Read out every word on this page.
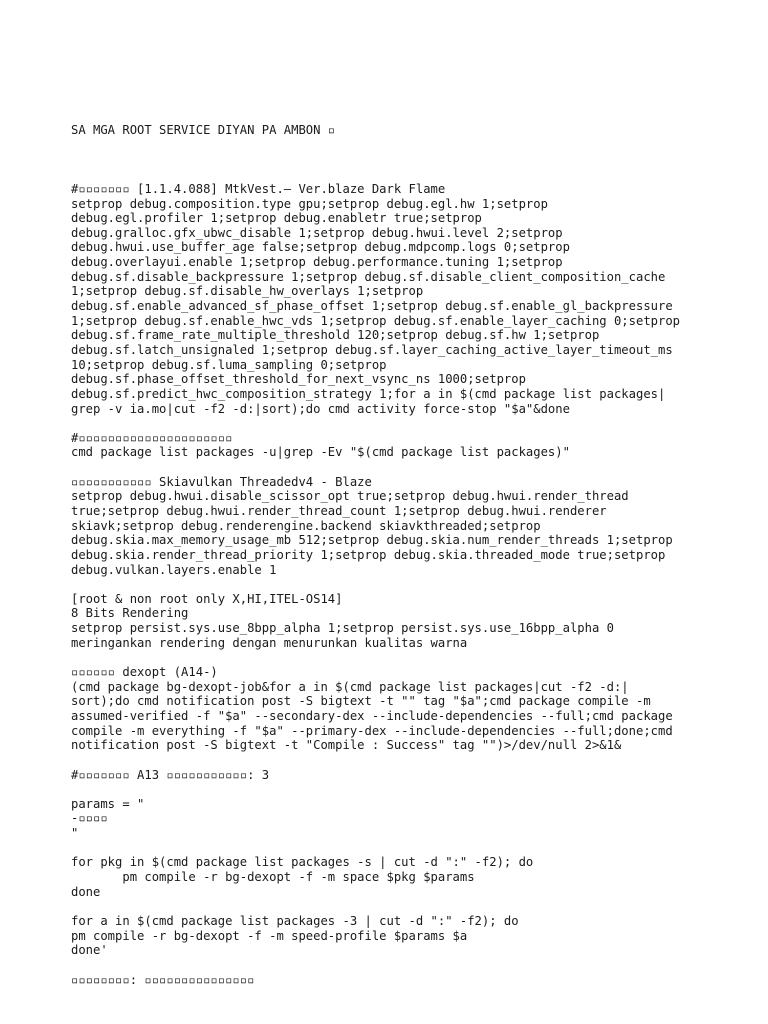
SA MGA ROOT SERVICE DIYAN PA AMBON ▫

#▫▫▫▫▫▫▫ [1.1.4.088] MtkVest.— Ver.blaze Dark Flame
setprop debug.composition.type gpu;setprop debug.egl.hw 1;setprop
debug.egl.profiler 1;setprop debug.enabletr true;setprop
debug.gralloc.gfx_ubwc_disable 1;setprop debug.hwui.level 2;setprop
debug.hwui.use_buffer_age false;setprop debug.mdpcomp.logs 0;setprop
debug.overlayui.enable 1;setprop debug.performance.tuning 1;setprop
debug.sf.disable_backpressure 1;setprop debug.sf.disable_client_composition_cache
1;setprop debug.sf.disable_hw_overlays 1;setprop
debug.sf.enable_advanced_sf_phase_offset 1;setprop debug.sf.enable_gl_backpressure
1;setprop debug.sf.enable_hwc_vds 1;setprop debug.sf.enable_layer_caching 0;setprop
debug.sf.frame_rate_multiple_threshold 120;setprop debug.sf.hw 1;setprop
debug.sf.latch_unsignaled 1;setprop debug.sf.layer_caching_active_layer_timeout_ms
10;setprop debug.sf.luma_sampling 0;setprop
debug.sf.phase_offset_threshold_for_next_vsync_ns 1000;setprop
debug.sf.predict_hwc_composition_strategy 1;for a in $(cmd package list packages|
grep -v ia.mo|cut -f2 -d:|sort);do cmd activity force-stop "$a"&done
#▫▫▫▫▫▫▫▫▫▫▫▫▫▫▫▫▫▫▫▫▫
cmd package list packages -u|grep -Ev "$(cmd package list packages)"
▫▫▫▫▫▫▫▫▫▫▫ Skiavulkan Threadedv4 - Blaze
setprop debug.hwui.disable_scissor_opt true;setprop debug.hwui.render_thread
true;setprop debug.hwui.render_thread_count 1;setprop debug.hwui.renderer
skiavk;setprop debug.renderengine.backend skiavkthreaded;setprop
debug.skia.max_memory_usage_mb 512;setprop debug.skia.num_render_threads 1;setprop
debug.skia.render_thread_priority 1;setprop debug.skia.threaded_mode true;setprop
debug.vulkan.layers.enable 1
[root & non root only X,HI,ITEL-OS14]
8 Bits Rendering
setprop persist.sys.use_8bpp_alpha 1;setprop persist.sys.use_16bpp_alpha 0
meringankan rendering dengan menurunkan kualitas warna
▫▫▫▫▫▫ dexopt (A14-)
(cmd package bg-dexopt-job&for a in $(cmd package list packages|cut -f2 -d:|
sort);do cmd notification post -S bigtext -t "" tag "$a";cmd package compile -m
assumed-verified -f "$a" --secondary-dex --include-dependencies --full;cmd package
compile -m everything -f "$a" --primary-dex --include-dependencies --full;done;cmd
notification post -S bigtext -t "Compile : Success" tag "")>/dev/null 2>&1&
#▫▫▫▫▫▫▫ A13 ▫▫▫▫▫▫▫▫▫▫▫: 3
params = "
-▫▫▫▫
"
for pkg in $(cmd package list packages -s | cut -d ":" -f2); do
pm compile -r bg-dexopt -f -m space $pkg $params
done
for a in $(cmd package list packages -3 | cut -d ":" -f2); do
pm compile -r bg-dexopt -f -m speed-profile $params $a
done'
▫▫▫▫▫▫▫▫: ▫▫▫▫▫▫▫▫▫▫▫▫▫▫▫
